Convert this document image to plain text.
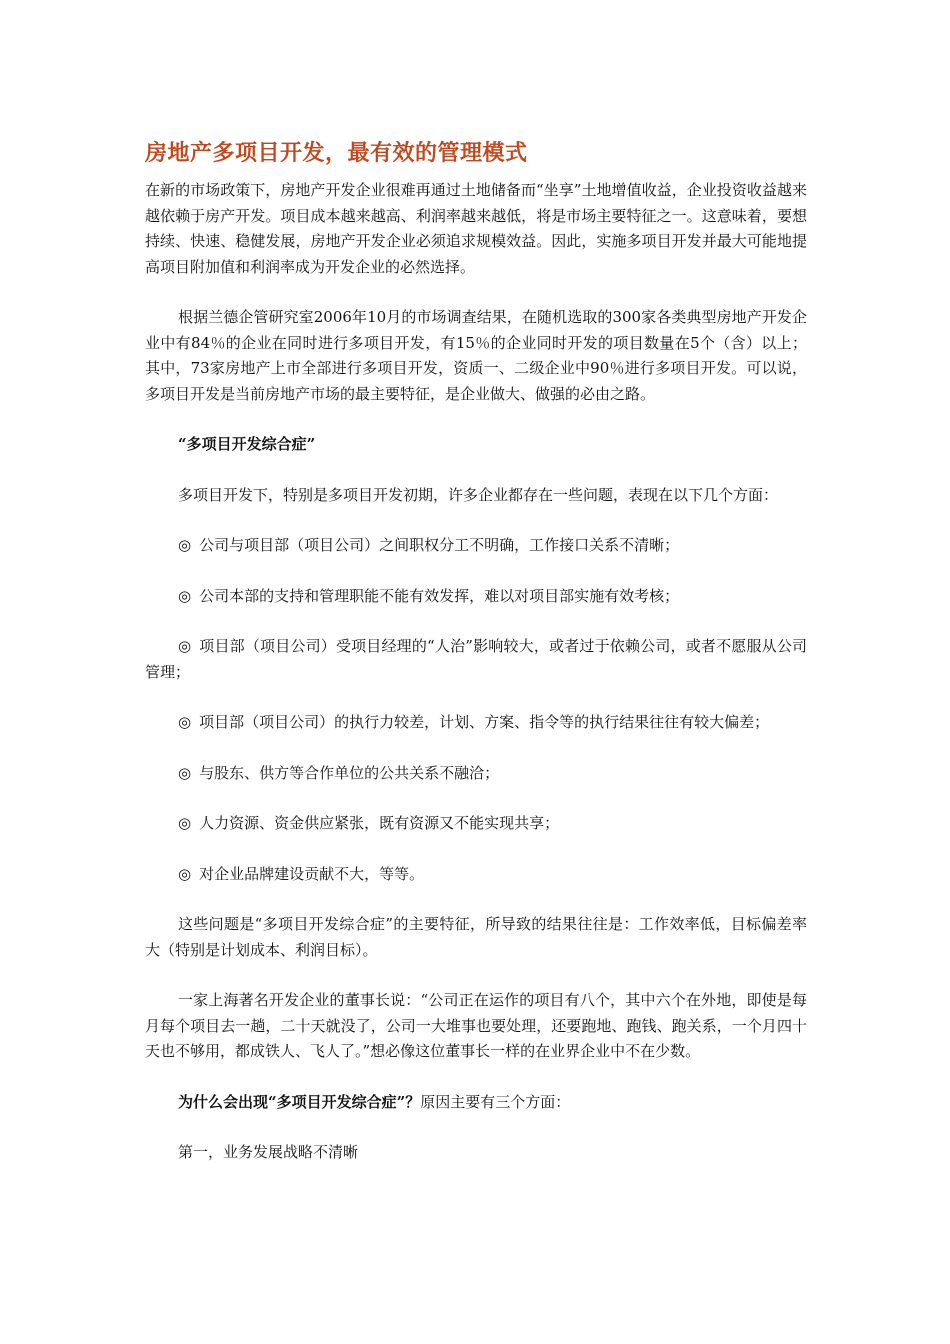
房地产多项目开发，最有效的管理模式

在新的市场政策下，房地产开发企业很难再通过土地储备而“坐享”土地增值收益，企业投资收益越来越依赖于房产开发。项目成本越来越高、利润率越来越低，将是市场主要特征之一。这意味着，要想持续、快速、稳健发展，房地产开发企业必须追求规模效益。因此，实施多项目开发并最大可能地提高项目附加值和利润率成为开发企业的必然选择。

根据兰德企管研究室2006年10月的市场调查结果，在随机选取的300家各类典型房地产开发企业中有84％的企业在同时进行多项目开发，有15％的企业同时开发的项目数量在5个（含）以上；其中，73家房地产上市全部进行多项目开发，资质一、二级企业中90％进行多项目开发。可以说，多项目开发是当前房地产市场的最主要特征，是企业做大、做强的必由之路。

“多项目开发综合症”

多项目开发下，特别是多项目开发初期，许多企业都存在一些问题，表现在以下几个方面：

◎ 公司与项目部（项目公司）之间职权分工不明确，工作接口关系不清晰；

◎ 公司本部的支持和管理职能不能有效发挥，难以对项目部实施有效考核；

◎ 项目部（项目公司）受项目经理的“人治”影响较大，或者过于依赖公司，或者不愿服从公司管理；

◎ 项目部（项目公司）的执行力较差，计划、方案、指令等的执行结果往往有较大偏差；

◎ 与股东、供方等合作单位的公共关系不融洽；

◎ 人力资源、资金供应紧张，既有资源又不能实现共享；

◎ 对企业品牌建设贡献不大，等等。

这些问题是“多项目开发综合症”的主要特征，所导致的结果往往是：工作效率低，目标偏差率大（特别是计划成本、利润目标）。

一家上海著名开发企业的董事长说：“公司正在运作的项目有八个，其中六个在外地，即使是每月每个项目去一趟，二十天就没了，公司一大堆事也要处理，还要跑地、跑钱、跑关系，一个月四十天也不够用，都成铁人、飞人了。”想必像这位董事长一样的在业界企业中不在少数。

为什么会出现“多项目开发综合症”？原因主要有三个方面：

第一，业务发展战略不清晰
